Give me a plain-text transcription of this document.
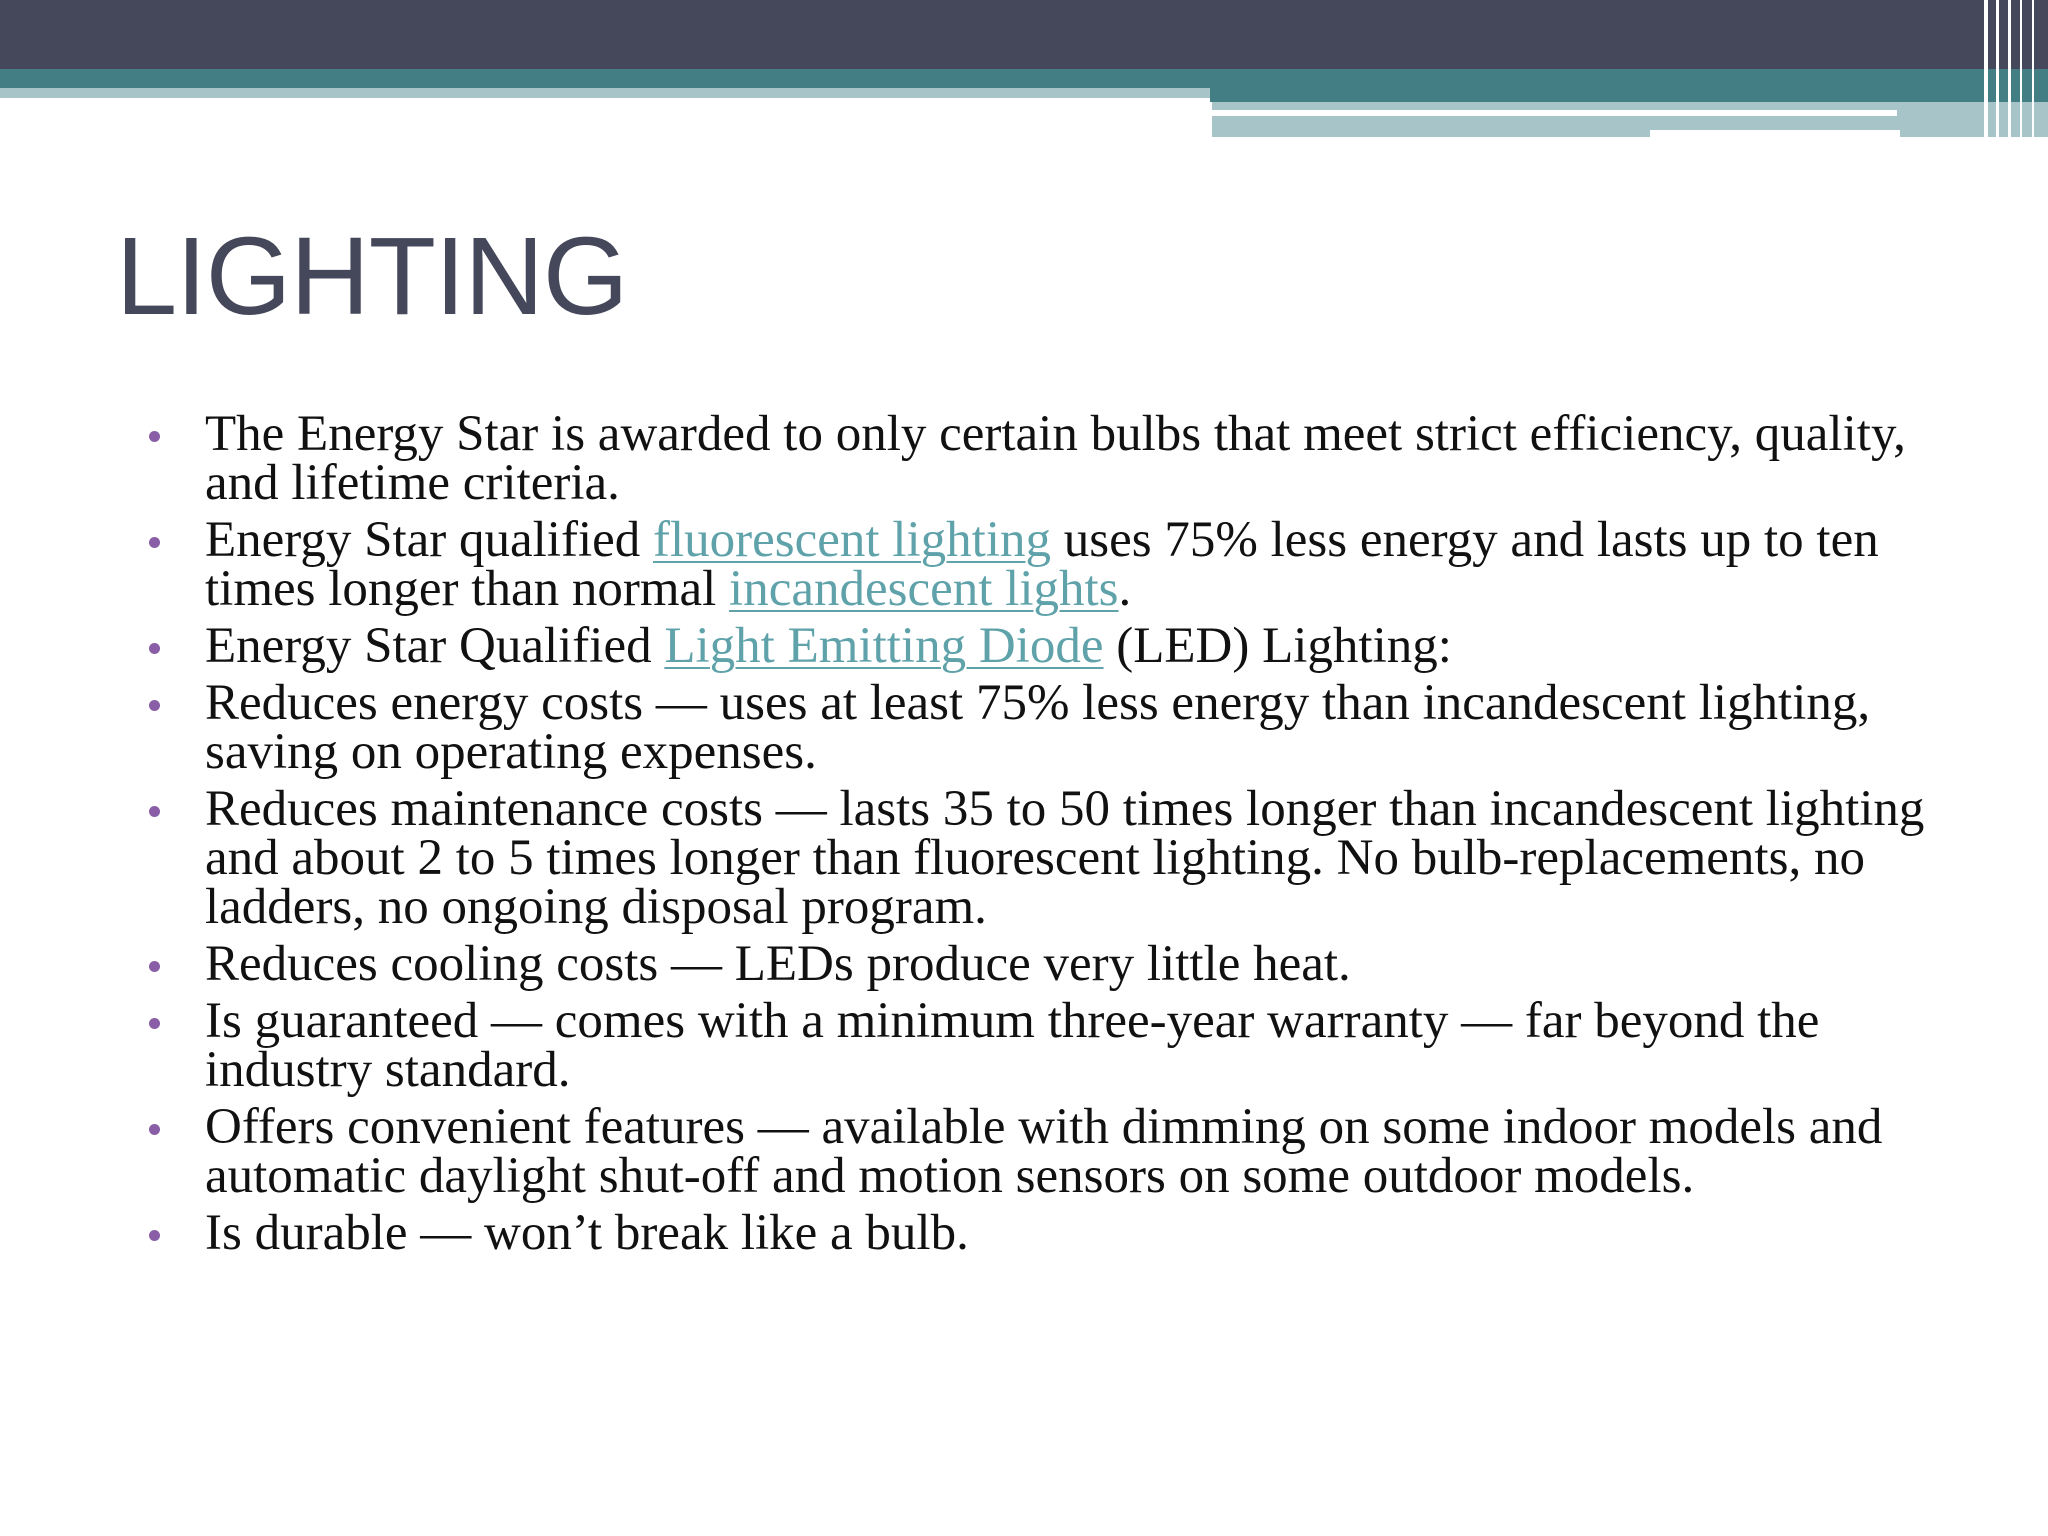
LIGHTING
The Energy Star is awarded to only certain bulbs that meet strict efficiency, quality, and lifetime criteria.
Energy Star qualified fluorescent lighting uses 75% less energy and lasts up to ten times longer than normal incandescent lights.
Energy Star Qualified Light Emitting Diode (LED) Lighting:
Reduces energy costs — uses at least 75% less energy than incandescent lighting, saving on operating expenses.
Reduces maintenance costs — lasts 35 to 50 times longer than incandescent lighting and about 2 to 5 times longer than fluorescent lighting. No bulb-replacements, no ladders, no ongoing disposal program.
Reduces cooling costs — LEDs produce very little heat.
Is guaranteed — comes with a minimum three-year warranty — far beyond the industry standard.
Offers convenient features — available with dimming on some indoor models and automatic daylight shut-off and motion sensors on some outdoor models.
Is durable — won’t break like a bulb.
